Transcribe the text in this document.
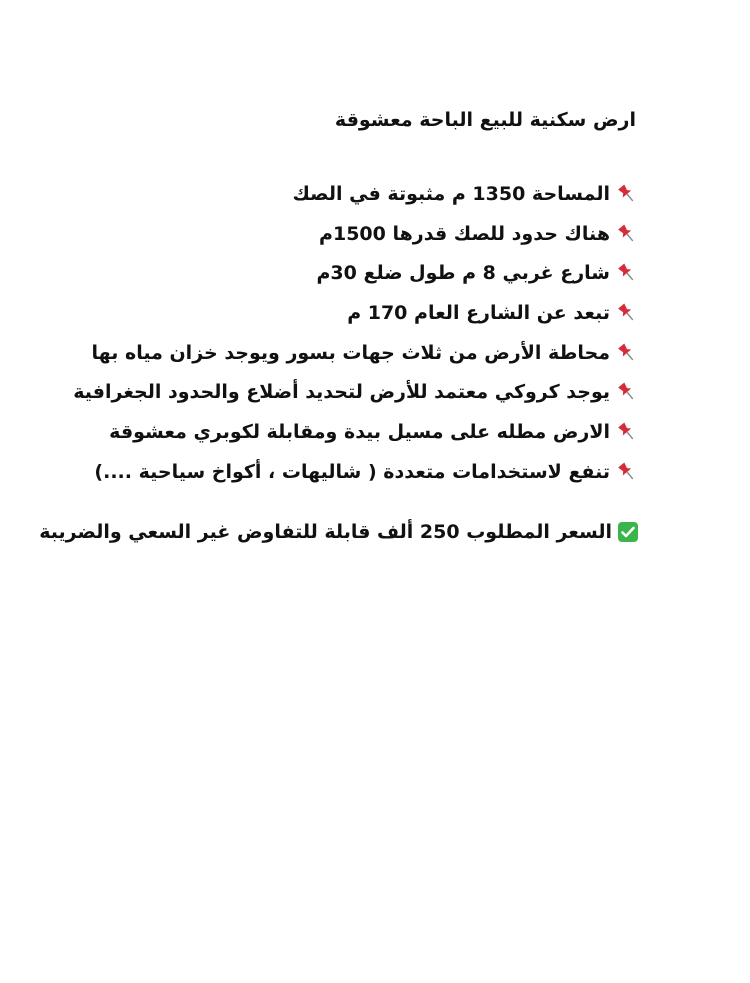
ارض سكنية للبيع الباحة معشوقة
المساحة 1350 م مثبوتة في الصك
هناك حدود للصك قدرها 1500م
شارع غربي 8 م طول ضلع 30م
تبعد عن الشارع العام 170 م
محاطة الأرض من ثلاث جهات بسور ويوجد خزان مياه بها
يوجد كروكي معتمد للأرض لتحديد أضلاع والحدود الجغرافية
الارض مطله على مسيل بيدة ومقابلة لكوبري معشوقة
تنفع لاستخدامات متعددة ( شاليهات ، أكواخ سياحية ....)
السعر المطلوب 250 ألف قابلة للتفاوض غير السعي والضريبة
